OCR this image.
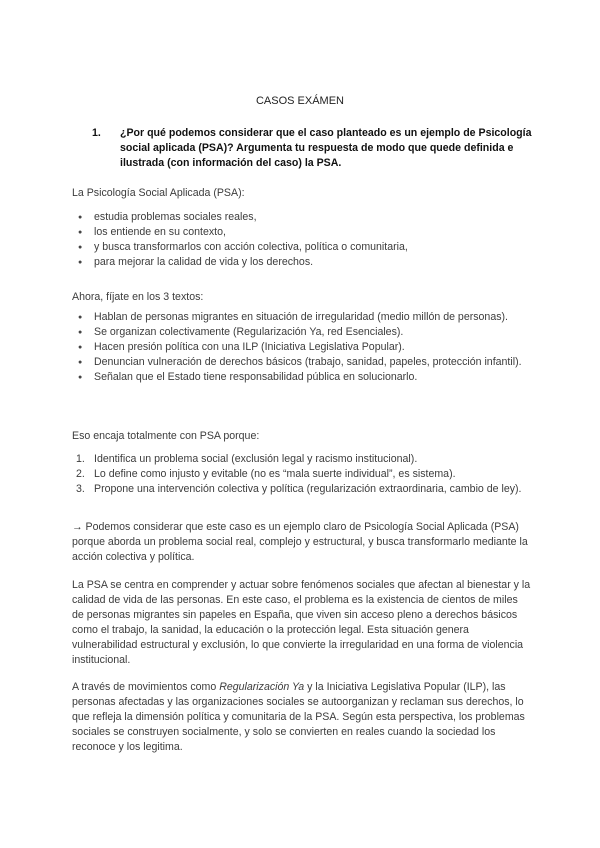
CASOS EXÁMEN
1. ¿Por qué podemos considerar que el caso planteado es un ejemplo de Psicología social aplicada (PSA)? Argumenta tu respuesta de modo que quede definida e ilustrada (con información del caso) la PSA.
La Psicología Social Aplicada (PSA):
● estudia problemas sociales reales,
● los entiende en su contexto,
● y busca transformarlos con acción colectiva, política o comunitaria,
● para mejorar la calidad de vida y los derechos.
Ahora, fíjate en los 3 textos:
● Hablan de personas migrantes en situación de irregularidad (medio millón de personas).
● Se organizan colectivamente (Regularización Ya, red Esenciales).
● Hacen presión política con una ILP (Iniciativa Legislativa Popular).
● Denuncian vulneración de derechos básicos (trabajo, sanidad, papeles, protección infantil).
● Señalan que el Estado tiene responsabilidad pública en solucionarlo.
Eso encaja totalmente con PSA porque:
1. Identifica un problema social (exclusión legal y racismo institucional).
2. Lo define como injusto y evitable (no es “mala suerte individual”, es sistema).
3. Propone una intervención colectiva y política (regularización extraordinaria, cambio de ley).

→ Podemos considerar que este caso es un ejemplo claro de Psicología Social Aplicada (PSA) porque aborda un problema social real, complejo y estructural, y busca transformarlo mediante la acción colectiva y política.

La PSA se centra en comprender y actuar sobre fenómenos sociales que afectan al bienestar y la calidad de vida de las personas. En este caso, el problema es la existencia de cientos de miles de personas migrantes sin papeles en España, que viven sin acceso pleno a derechos básicos como el trabajo, la sanidad, la educación o la protección legal. Esta situación genera vulnerabilidad estructural y exclusión, lo que convierte la irregularidad en una forma de violencia institucional.

A través de movimientos como Regularización Ya y la Iniciativa Legislativa Popular (ILP), las personas afectadas y las organizaciones sociales se autoorganizan y reclaman sus derechos, lo que refleja la dimensión política y comunitaria de la PSA. Según esta perspectiva, los problemas sociales se construyen socialmente, y solo se convierten en reales cuando la sociedad los reconoce y los legitima.
